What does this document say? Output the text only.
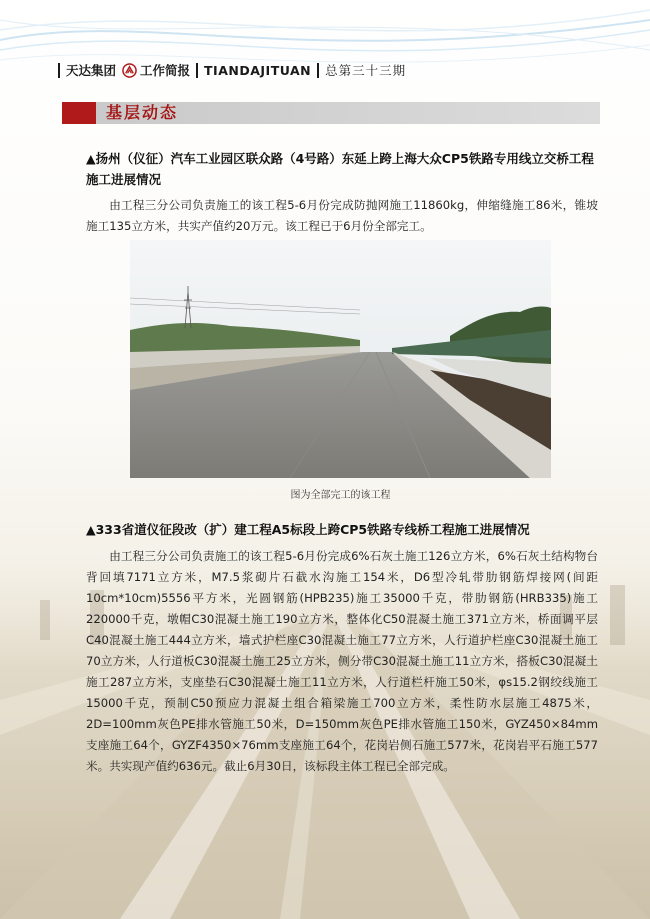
天达集团 工作简报 TIANDAJITUAN 总第三十三期
基层动态
▲扬州（仪征）汽车工业园区联众路（4号路）东延上跨上海大众CP5铁路专用线立交桥工程施工进展情况
由工程三分公司负责施工的该工程5-6月份完成防抛网施工11860kg，伸缩缝施工86米，锥坡施工135立方米，共实产值约20万元。该工程已于6月份全部完工。
图为全部完工的该工程
▲333省道仪征段改（扩）建工程A5标段上跨CP5铁路专线桥工程施工进展情况
由工程三分公司负责施工的该工程5-6月份完成6%石灰土施工126立方米，6%石灰土结构物台背回填7171立方米，M7.5浆砌片石截水沟施工154米，D6型冷轧带肋钢筋焊接网(间距10cm*10cm)5556平方米，光圆钢筋(HPB235)施工35000千克，带肋钢筋(HRB335)施工220000千克，墩帽C30混凝土施工190立方米，整体化C50混凝土施工371立方米，桥面调平层C40混凝土施工444立方米，墙式护栏座C30混凝土施工77立方米，人行道护栏座C30混凝土施工70立方米，人行道板C30混凝土施工25立方米，侧分带C30混凝土施工11立方米，搭板C30混凝土施工287立方米，支座垫石C30混凝土施工11立方米，人行道栏杆施工50米，φs15.2钢绞线施工15000千克，预制C50预应力混凝土组合箱梁施工700立方米，柔性防水层施工4875米，2D=100mm灰色PE排水管施工50米，D=150mm灰色PE排水管施工150米，GYZ450×84mm支座施工64个，GYZF4350×76mm支座施工64个，花岗岩侧石施工577米，花岗岩平石施工577米。共实现产值约636元。截止6月30日，该标段主体工程已全部完成。
